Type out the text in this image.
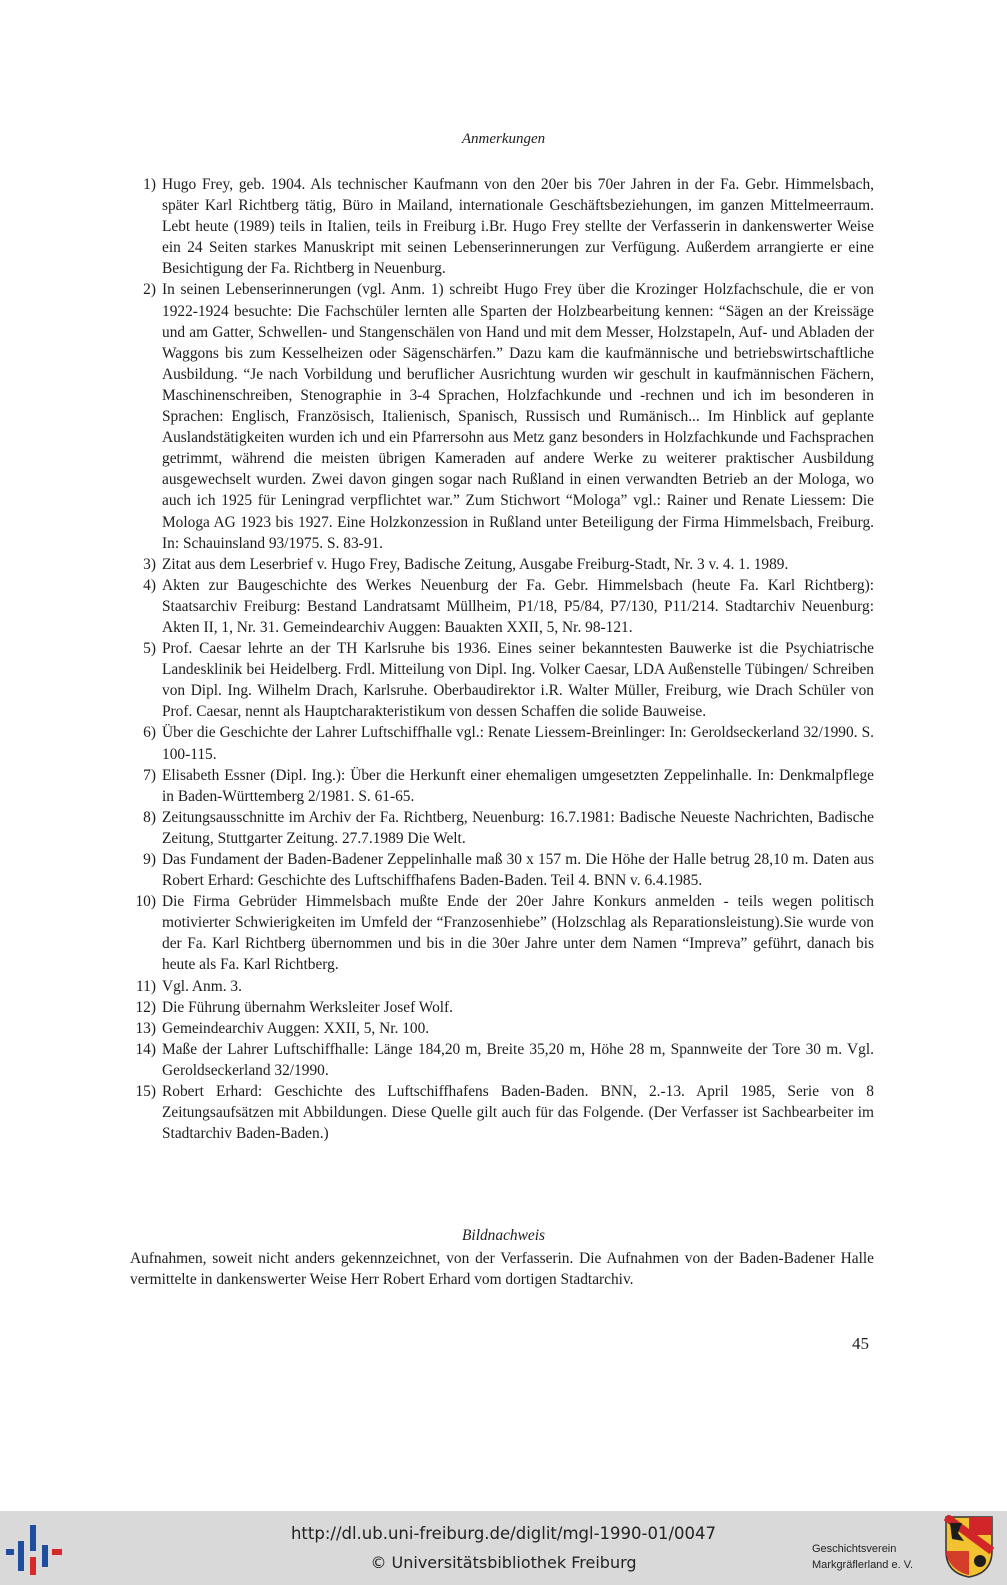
Anmerkungen
1) Hugo Frey, geb. 1904. Als technischer Kaufmann von den 20er bis 70er Jahren in der Fa. Gebr. Himmelsbach, später Karl Richtberg tätig, Büro in Mailand, internationale Geschäftsbeziehungen, im ganzen Mittelmeerraum. Lebt heute (1989) teils in Italien, teils in Freiburg i.Br. Hugo Frey stellte der Verfasserin in dankenswerter Weise ein 24 Seiten starkes Manuskript mit seinen Lebenserinnerungen zur Verfügung. Außerdem arrangierte er eine Besichtigung der Fa. Richtberg in Neuenburg.
2) In seinen Lebenserinnerungen (vgl. Anm. 1) schreibt Hugo Frey über die Krozinger Holzfachschule, die er von 1922-1924 besuchte: Die Fachschüler lernten alle Sparten der Holzbearbeitung kennen: “Sägen an der Kreissäge und am Gatter, Schwellen- und Stangenschälen von Hand und mit dem Messer, Holzstapeln, Auf- und Abladen der Waggons bis zum Kesselheizen oder Sägenschärfen.” Dazu kam die kaufmännische und betriebswirtschaftliche Ausbildung. “Je nach Vorbildung und beruflicher Ausrichtung wurden wir geschult in kaufmännischen Fächern, Maschinenschreiben, Stenographie in 3-4 Sprachen, Holzfachkunde und -rechnen und ich im besonderen in Sprachen: Englisch, Französisch, Italienisch, Spanisch, Russisch und Rumänisch... Im Hinblick auf geplante Auslandstätigkeiten wurden ich und ein Pfarrersohn aus Metz ganz besonders in Holzfachkunde und Fachsprachen getrimmt, während die meisten übrigen Kameraden auf andere Werke zu weiterer praktischer Ausbildung ausgewechselt wurden. Zwei davon gingen sogar nach Rußland in einen verwandten Betrieb an der Mologa, wo auch ich 1925 für Leningrad verpflichtet war.” Zum Stichwort “Mologa” vgl.: Rainer und Renate Liessem: Die Mologa AG 1923 bis 1927. Eine Holzkonzession in Rußland unter Beteiligung der Firma Himmelsbach, Freiburg. In: Schauinsland 93/1975. S. 83-91.
3) Zitat aus dem Leserbrief v. Hugo Frey, Badische Zeitung, Ausgabe Freiburg-Stadt, Nr. 3 v. 4. 1. 1989.
4) Akten zur Baugeschichte des Werkes Neuenburg der Fa. Gebr. Himmelsbach (heute Fa. Karl Richtberg): Staatsarchiv Freiburg: Bestand Landratsamt Müllheim, P1/18, P5/84, P7/130, P11/214. Stadtarchiv Neuenburg: Akten II, 1, Nr. 31. Gemeindearchiv Auggen: Bauakten XXII, 5, Nr. 98-121.
5) Prof. Caesar lehrte an der TH Karlsruhe bis 1936. Eines seiner bekanntesten Bauwerke ist die Psychiatrische Landesklinik bei Heidelberg. Frdl. Mitteilung von Dipl. Ing. Volker Caesar, LDA Außenstelle Tübingen/ Schreiben von Dipl. Ing. Wilhelm Drach, Karlsruhe. Oberbaudirektor i.R. Walter Müller, Freiburg, wie Drach Schüler von Prof. Caesar, nennt als Hauptcharakteristikum von dessen Schaffen die solide Bauweise.
6) Über die Geschichte der Lahrer Luftschiffhalle vgl.: Renate Liessem-Breinlinger: In: Geroldseckerland 32/1990. S. 100-115.
7) Elisabeth Essner (Dipl. Ing.): Über die Herkunft einer ehemaligen umgesetzten Zeppelinhalle. In: Denkmalpflege in Baden-Württemberg 2/1981. S. 61-65.
8) Zeitungsausschnitte im Archiv der Fa. Richtberg, Neuenburg: 16.7.1981: Badische Neueste Nachrichten, Badische Zeitung, Stuttgarter Zeitung. 27.7.1989 Die Welt.
9) Das Fundament der Baden-Badener Zeppelinhalle maß 30 x 157 m. Die Höhe der Halle betrug 28,10 m. Daten aus Robert Erhard: Geschichte des Luftschiffhafens Baden-Baden. Teil 4. BNN v. 6.4.1985.
10) Die Firma Gebrüder Himmelsbach mußte Ende der 20er Jahre Konkurs anmelden - teils wegen politisch motivierter Schwierigkeiten im Umfeld der “Franzosenhiebe” (Holzschlag als Reparationsleistung).Sie wurde von der Fa. Karl Richtberg übernommen und bis in die 30er Jahre unter dem Namen “Impreva” geführt, danach bis heute als Fa. Karl Richtberg.
11) Vgl. Anm. 3.
12) Die Führung übernahm Werksleiter Josef Wolf.
13) Gemeindearchiv Auggen: XXII, 5, Nr. 100.
14) Maße der Lahrer Luftschiffhalle: Länge 184,20 m, Breite 35,20 m, Höhe 28 m, Spannweite der Tore 30 m. Vgl. Geroldseckerland 32/1990.
15) Robert Erhard: Geschichte des Luftschiffhafens Baden-Baden. BNN, 2.-13. April 1985, Serie von 8 Zeitungsaufsätzen mit Abbildungen. Diese Quelle gilt auch für das Folgende. (Der Verfasser ist Sachbearbeiter im Stadtarchiv Baden-Baden.)
Bildnachweis
Aufnahmen, soweit nicht anders gekennzeichnet, von der Verfasserin. Die Aufnahmen von der Baden-Badener Halle vermittelte in dankenswerter Weise Herr Robert Erhard vom dortigen Stadtarchiv.
45
http://dl.ub.uni-freiburg.de/diglit/mgl-1990-01/0047
© Universitätsbibliothek Freiburg
Geschichtsverein
Markgräflerland e. V.
